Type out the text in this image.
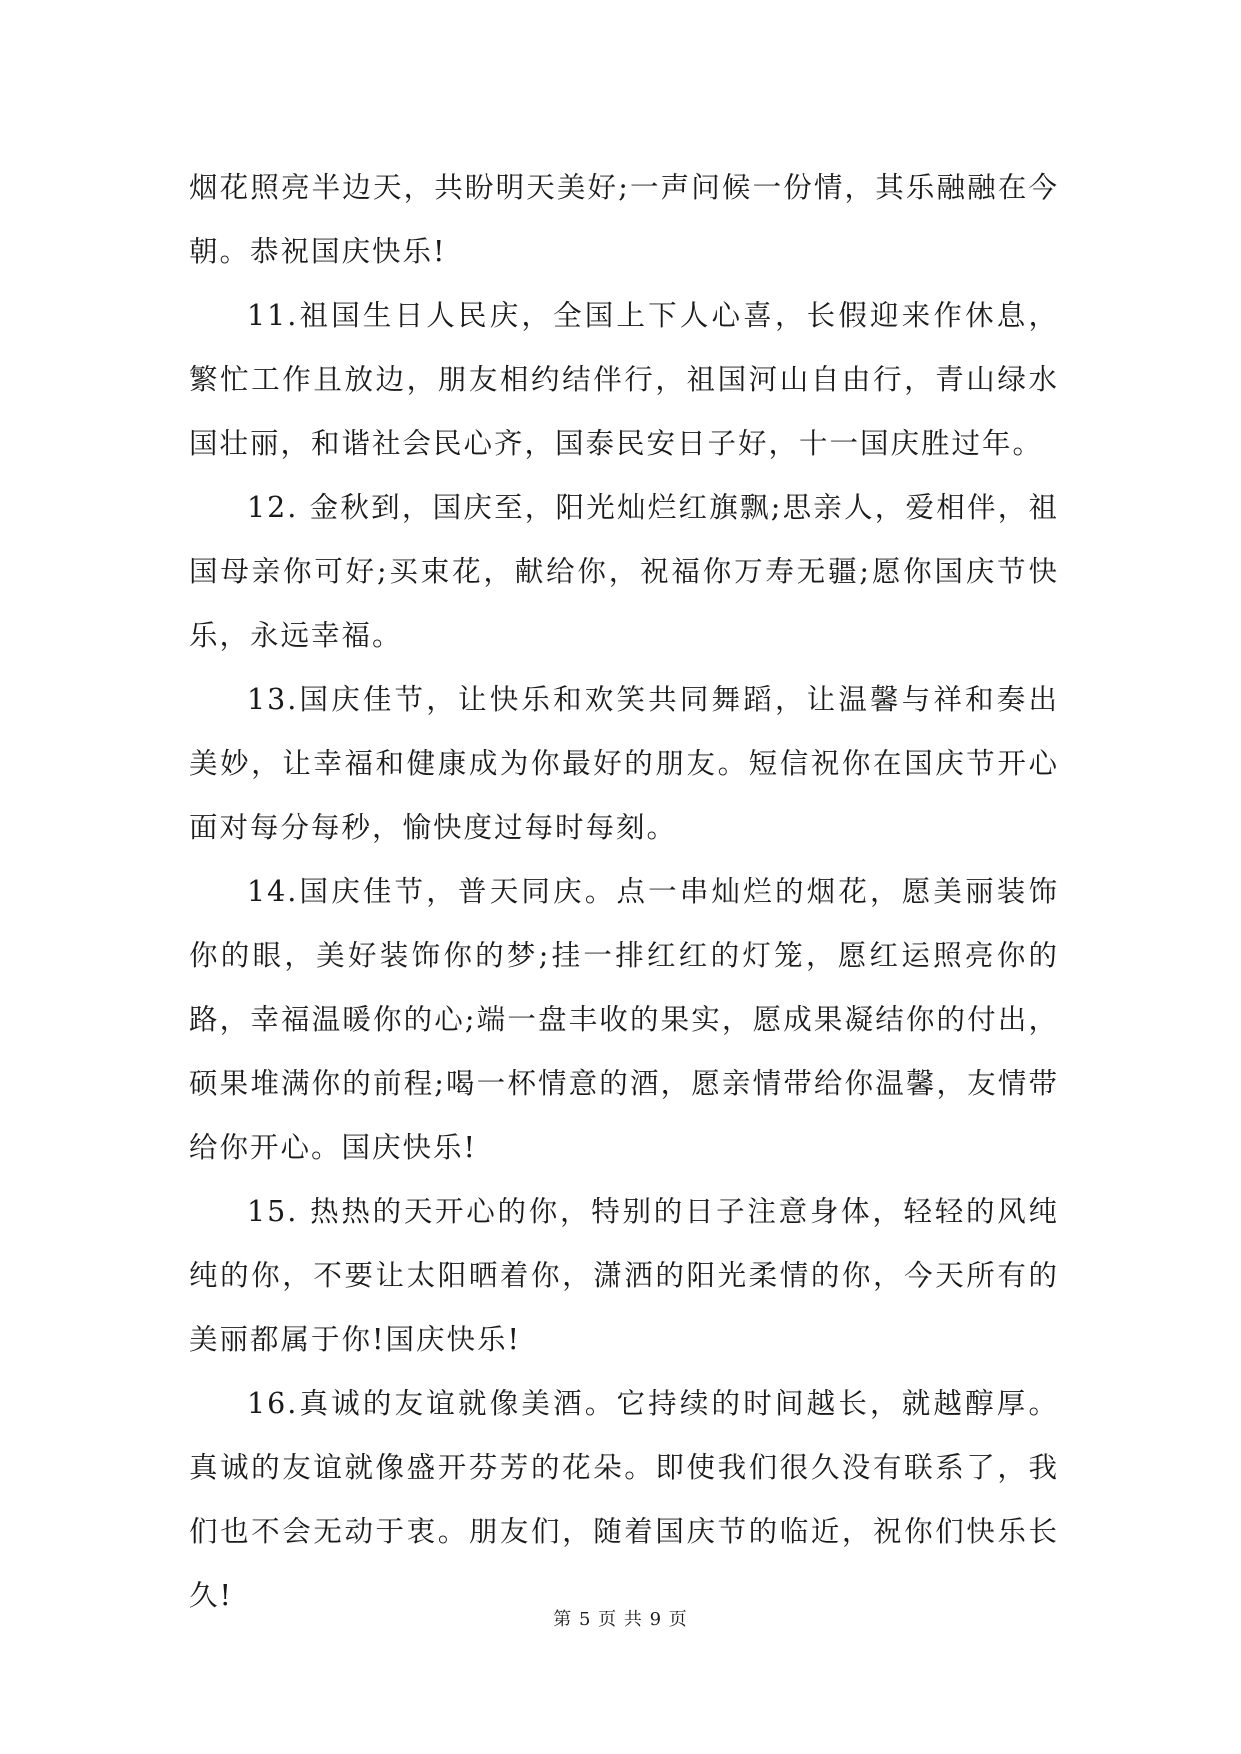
烟花照亮半边天，共盼明天美好;一声问候一份情，其乐融融在今朝。恭祝国庆快乐!

11.祖国生日人民庆，全国上下人心喜，长假迎来作休息，繁忙工作且放边，朋友相约结伴行，祖国河山自由行，青山绿水国壮丽，和谐社会民心齐，国泰民安日子好，十一国庆胜过年。

12. 金秋到，国庆至，阳光灿烂红旗飘;思亲人，爱相伴，祖国母亲你可好;买束花，献给你，祝福你万寿无疆;愿你国庆节快乐，永远幸福。

13.国庆佳节，让快乐和欢笑共同舞蹈，让温馨与祥和奏出美妙，让幸福和健康成为你最好的朋友。短信祝你在国庆节开心面对每分每秒，愉快度过每时每刻。

14.国庆佳节，普天同庆。点一串灿烂的烟花，愿美丽装饰你的眼，美好装饰你的梦;挂一排红红的灯笼，愿红运照亮你的路，幸福温暖你的心;端一盘丰收的果实，愿成果凝结你的付出，硕果堆满你的前程;喝一杯情意的酒，愿亲情带给你温馨，友情带给你开心。国庆快乐!

15. 热热的天开心的你，特别的日子注意身体，轻轻的风纯纯的你，不要让太阳晒着你，潇洒的阳光柔情的你，今天所有的美丽都属于你!国庆快乐!

16.真诚的友谊就像美酒。它持续的时间越长，就越醇厚。真诚的友谊就像盛开芬芳的花朵。即使我们很久没有联系了，我们也不会无动于衷。朋友们，随着国庆节的临近，祝你们快乐长久!

第 5 页 共 9 页
